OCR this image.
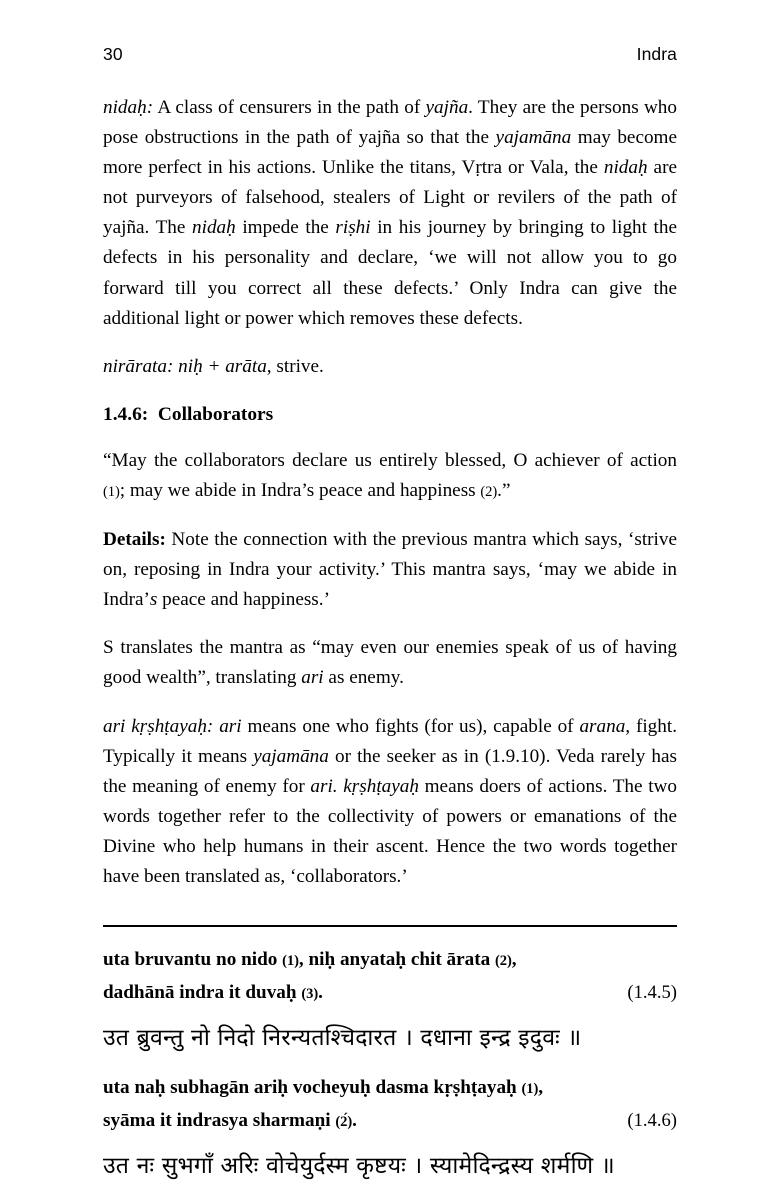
30	Indra

nidaḥ: A class of censurers in the path of yajña. They are the persons who pose obstructions in the path of yajña so that the yajamāna may become more perfect in his actions. Unlike the titans, Vṛtra or Vala, the nidaḥ are not purveyors of falsehood, stealers of Light or revilers of the path of yajña. The nidaḥ impede the riṣhi in his journey by bringing to light the defects in his personality and declare, ‘we will not allow you to go forward till you correct all these defects.’ Only Indra can give the additional light or power which removes these defects.

nirārata: niḥ + arāta, strive.

1.4.6:  Collaborators

“May the collaborators declare us entirely blessed, O achiever of action (1); may we abide in Indra’s peace and happiness (2).”

Details: Note the connection with the previous mantra which says, ‘strive on, reposing in Indra your activity.’ This mantra says, ‘may we abide in Indra’s peace and happiness.’

S translates the mantra as “may even our enemies speak of us of having good wealth”, translating ari as enemy.

ari kṛṣhṭayaḥ: ari means one who fights (for us), capable of arana, fight. Typically it means yajamāna or the seeker as in (1.9.10). Veda rarely has the meaning of enemy for ari. kṛṣhṭayaḥ means doers of actions. The two words together refer to the collectivity of powers or emanations of the Divine who help humans in their ascent. Hence the two words together have been translated as, ‘collaborators.’

uta bruvantu no nido (1), niḥ anyataḥ chit ārata (2),
dadhānā indra it duvaḥ (3).	(1.4.5)
उत ब्रुवन्तु नो निदो निरन्यतश्चिदारत । दधाना इन्द्र इदुवः ॥
uta naḥ subhagān ariḥ vocheyuḥ dasma kṛṣhṭayaḥ (1),
syāma it indrasya sharmaṇi (2́).	(1.4.6)
उत नः सुभगाँ अरिः वोचेयुर्दस्म कृष्टयः । स्यामेदिन्द्रस्य शर्मणि ॥
